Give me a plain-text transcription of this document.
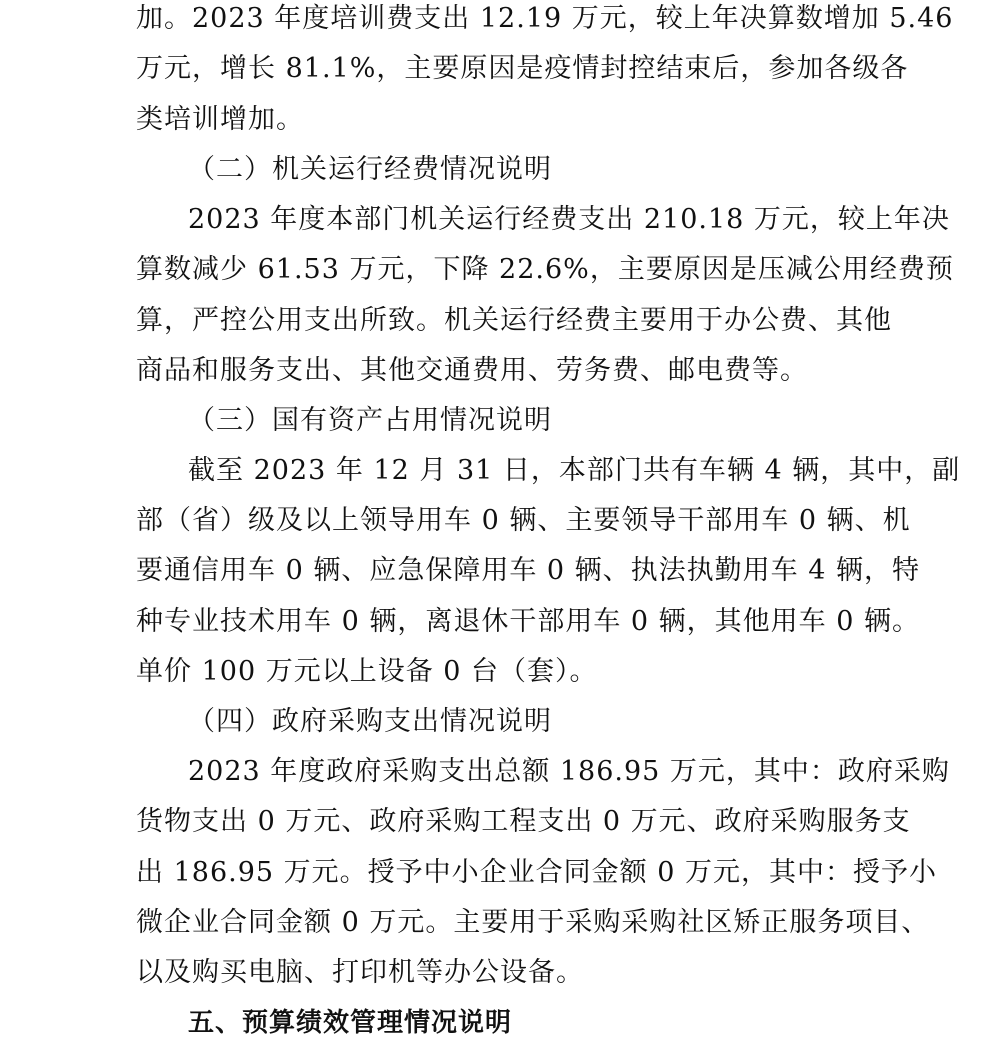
加。2023 年度培训费支出 12.19 万元，较上年决算数增加 5.46
万元，增长 81.1%，主要原因是疫情封控结束后，参加各级各
类培训增加。
（二）机关运行经费情况说明
2023 年度本部门机关运行经费支出 210.18 万元，较上年决
算数减少 61.53 万元，下降 22.6%，主要原因是压减公用经费预
算，严控公用支出所致。机关运行经费主要用于办公费、其他
商品和服务支出、其他交通费用、劳务费、邮电费等。
（三）国有资产占用情况说明
截至 2023 年 12 月 31 日，本部门共有车辆 4 辆，其中，副
部（省）级及以上领导用车 0 辆、主要领导干部用车 0 辆、机
要通信用车 0 辆、应急保障用车 0 辆、执法执勤用车 4 辆，特
种专业技术用车 0 辆，离退休干部用车 0 辆，其他用车 0 辆。
单价 100 万元以上设备 0 台（套）。
（四）政府采购支出情况说明
2023 年度政府采购支出总额 186.95 万元，其中：政府采购
货物支出 0 万元、政府采购工程支出 0 万元、政府采购服务支
出 186.95 万元。授予中小企业合同金额 0 万元，其中：授予小
微企业合同金额 0 万元。主要用于采购采购社区矫正服务项目、
以及购买电脑、打印机等办公设备。
五、预算绩效管理情况说明
